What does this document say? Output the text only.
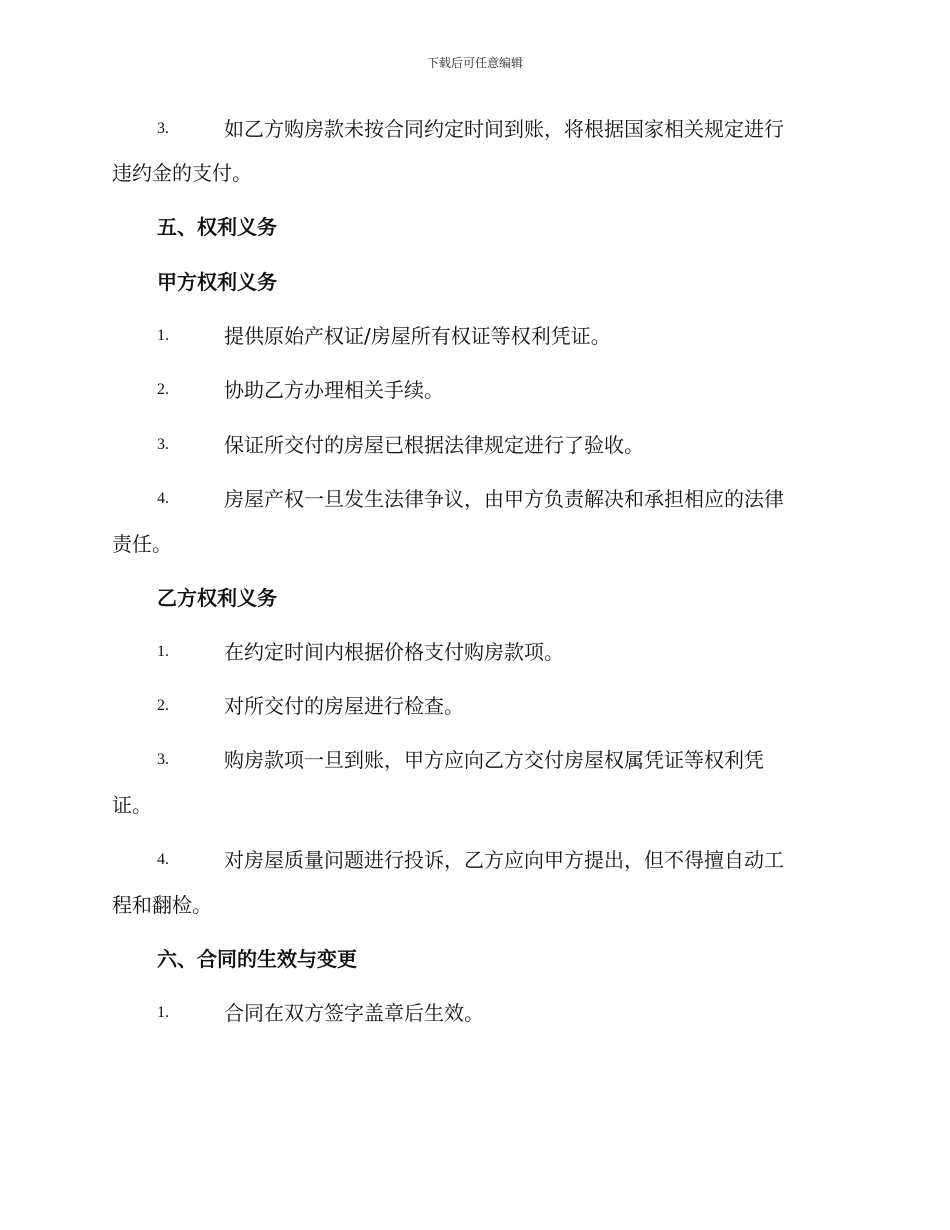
下载后可任意编辑
3.	如乙方购房款未按合同约定时间到账，将根据国家相关规定进行
违约金的支付。
五、权利义务
甲方权利义务
1.	提供原始产权证/房屋所有权证等权利凭证。
2.	协助乙方办理相关手续。
3.	保证所交付的房屋已根据法律规定进行了验收。
4.	房屋产权一旦发生法律争议，由甲方负责解决和承担相应的法律
责任。
乙方权利义务
1.	在约定时间内根据价格支付购房款项。
2.	对所交付的房屋进行检查。
3.	购房款项一旦到账，甲方应向乙方交付房屋权属凭证等权利凭
证。
4.	对房屋质量问题进行投诉，乙方应向甲方提出，但不得擅自动工
程和翻检。
六、合同的生效与变更
1.	合同在双方签字盖章后生效。
